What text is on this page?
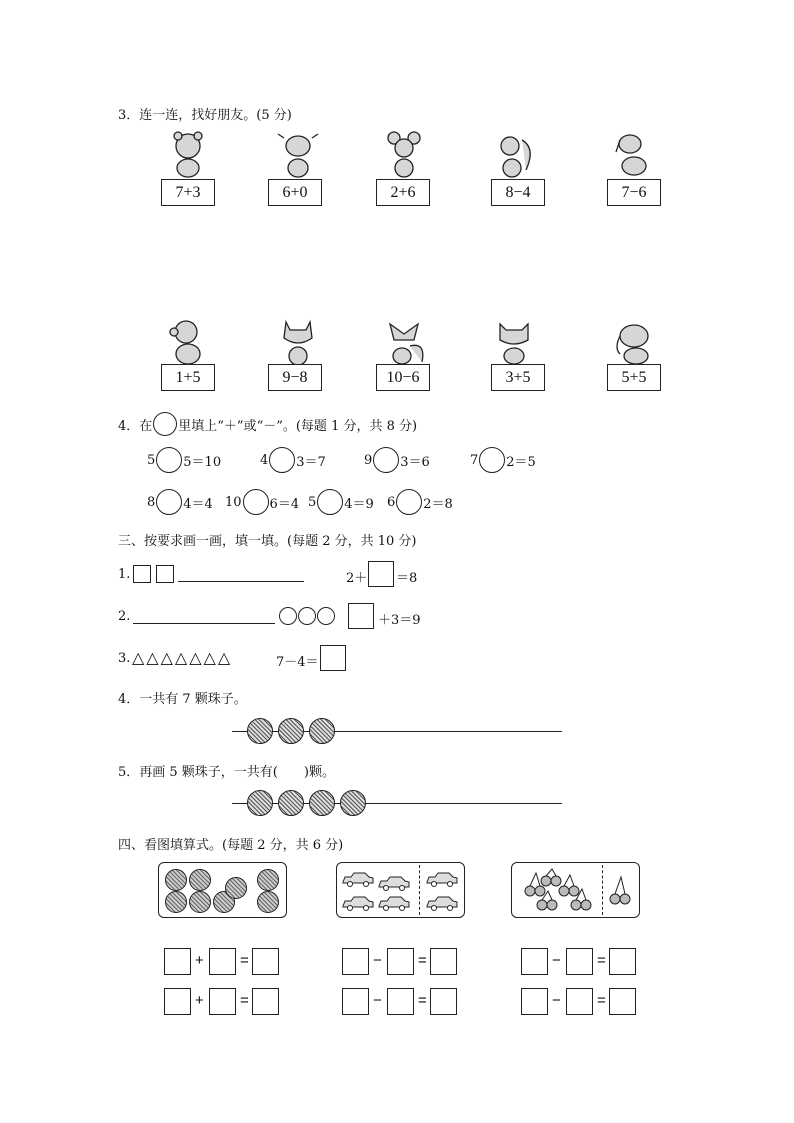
3．连一连，找好朋友。(5 分)
7+3	6+0	2+6	8−4	7−6
1+5	9−8	10−6	3+5	5+5
4．在 里填上“＋”或“－”。(每题 1 分，共 8 分)
5 5＝10	4 3＝7	9 3＝6	7 2＝5
8 4＝4 10 6＝4 5 4＝9 6 2＝8
三、按要求画一画，填一填。(每题 2 分，共 10 分)
1.	2＋ ＝8
2.	＋3＝9
3. △△△△△△△	7－4＝
4．一共有 7 颗珠子。
5．再画 5 颗珠子，一共有(　　)颗。
四、看图填算式。(每题 2 分，共 6 分)
+ =	− =	− =
+ =	− =	− =
